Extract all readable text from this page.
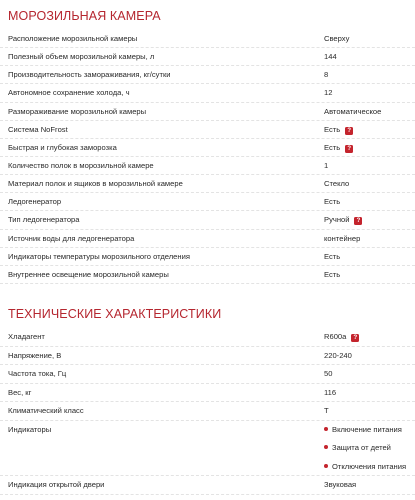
МОРОЗИЛЬНАЯ КАМЕРА
Расположение морозильной камеры	Сверху
Полезный объем морозильной камеры, л	144
Производительность замораживания, кг/сутки	8
Автономное сохранение холода, ч	12
Размораживание морозильной камеры	Автоматическое
Система NoFrost	Есть ?
Быстрая и глубокая заморозка	Есть ?
Количество полок в морозильной камере	1
Материал полок и ящиков в морозильной камере	Стекло
Ледогенератор	Есть
Тип ледогенератора	Ручной ?
Источник воды для ледогенератора	контейнер
Индикаторы температуры морозильного отделения	Есть
Внутреннее освещение морозильной камеры	Есть
ТЕХНИЧЕСКИЕ ХАРАКТЕРИСТИКИ
Хладагент	R600a ?
Напряжение, В	220-240
Частота тока, Гц	50
Вес, кг	116
Климатический класс	T
Индикаторы	Включение питания
Защита от детей
Отключения питания
Индикация открытой двери	Звуковая
